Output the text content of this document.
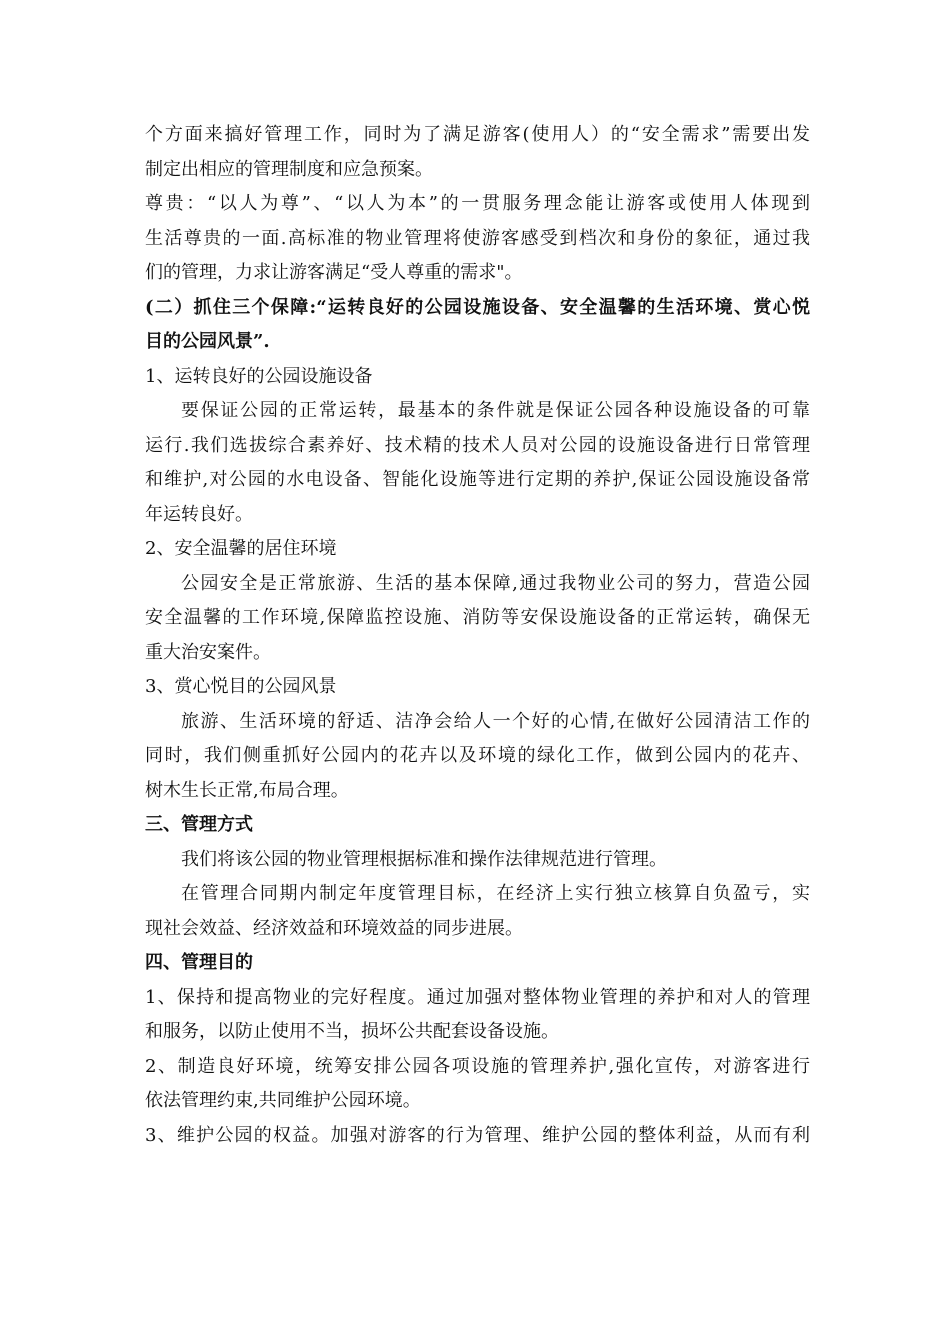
个方面来搞好管理工作，同时为了满足游客(使用人）的“安全需求”需要出发
制定出相应的管理制度和应急预案。
尊贵：“以人为尊”、“以人为本”的一贯服务理念能让游客或使用人体现到
生活尊贵的一面.高标准的物业管理将使游客感受到档次和身份的象征，通过我
们的管理，力求让游客满足“受人尊重的需求"。
(二）抓住三个保障:“运转良好的公园设施设备、安全温馨的生活环境、赏心悦
目的公园风景”.
1、运转良好的公园设施设备
要保证公园的正常运转，最基本的条件就是保证公园各种设施设备的可靠
运行.我们选拔综合素养好、技术精的技术人员对公园的设施设备进行日常管理
和维护,对公园的水电设备、智能化设施等进行定期的养护,保证公园设施设备常
年运转良好。
2、安全温馨的居住环境
公园安全是正常旅游、生活的基本保障,通过我物业公司的努力，营造公园
安全温馨的工作环境,保障监控设施、消防等安保设施设备的正常运转，确保无
重大治安案件。
3、赏心悦目的公园风景
旅游、生活环境的舒适、洁净会给人一个好的心情,在做好公园清洁工作的
同时，我们侧重抓好公园内的花卉以及环境的绿化工作，做到公园内的花卉、
树木生长正常,布局合理。
三、管理方式
我们将该公园的物业管理根据标准和操作法律规范进行管理。
在管理合同期内制定年度管理目标，在经济上实行独立核算自负盈亏，实
现社会效益、经济效益和环境效益的同步进展。
四、管理目的
1、保持和提高物业的完好程度。通过加强对整体物业管理的养护和对人的管理
和服务，以防止使用不当，损坏公共配套设备设施。
2、制造良好环境，统筹安排公园各项设施的管理养护,强化宣传，对游客进行
依法管理约束,共同维护公园环境。
3、维护公园的权益。加强对游客的行为管理、维护公园的整体利益，从而有利
